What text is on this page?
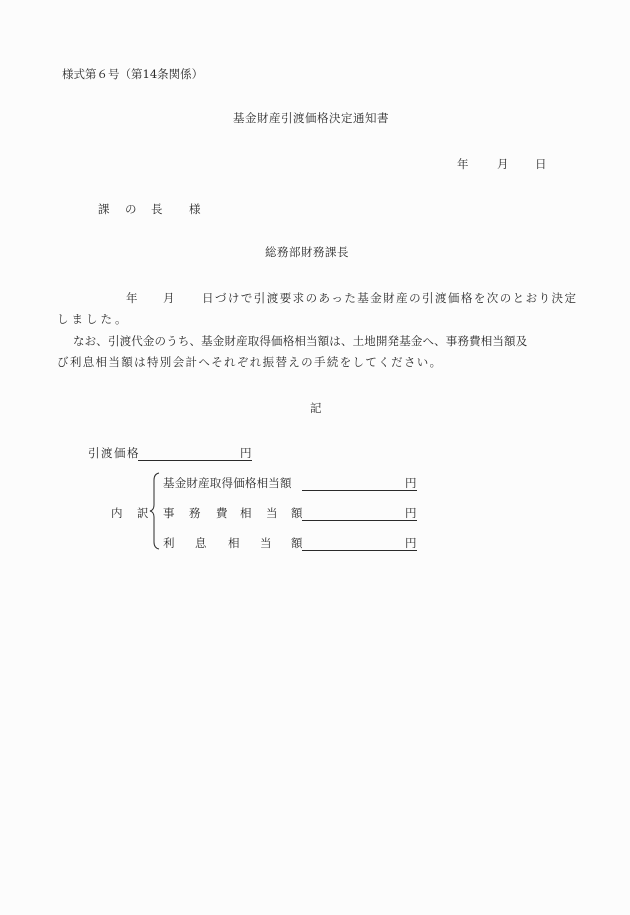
様式第６号（第14条関係）
基金財産引渡価格決定通知書
年 月 日
課 の 長 様
総務部財務課長
年 月 日づけで引渡要求のあった基金財産の引渡価格を次のとおり決定
しました。
なお、引渡代金のうち、基金財産取得価格相当額は、土地開発基金へ、事務費相当額及
び利息相当額は特別会計へそれぞれ振替えの手続をしてください。
記
引渡価格	円
内 訳
基金財産取得価格相当額	円
事 務 費 相 当 額	円
利 息 相 当 額	円
